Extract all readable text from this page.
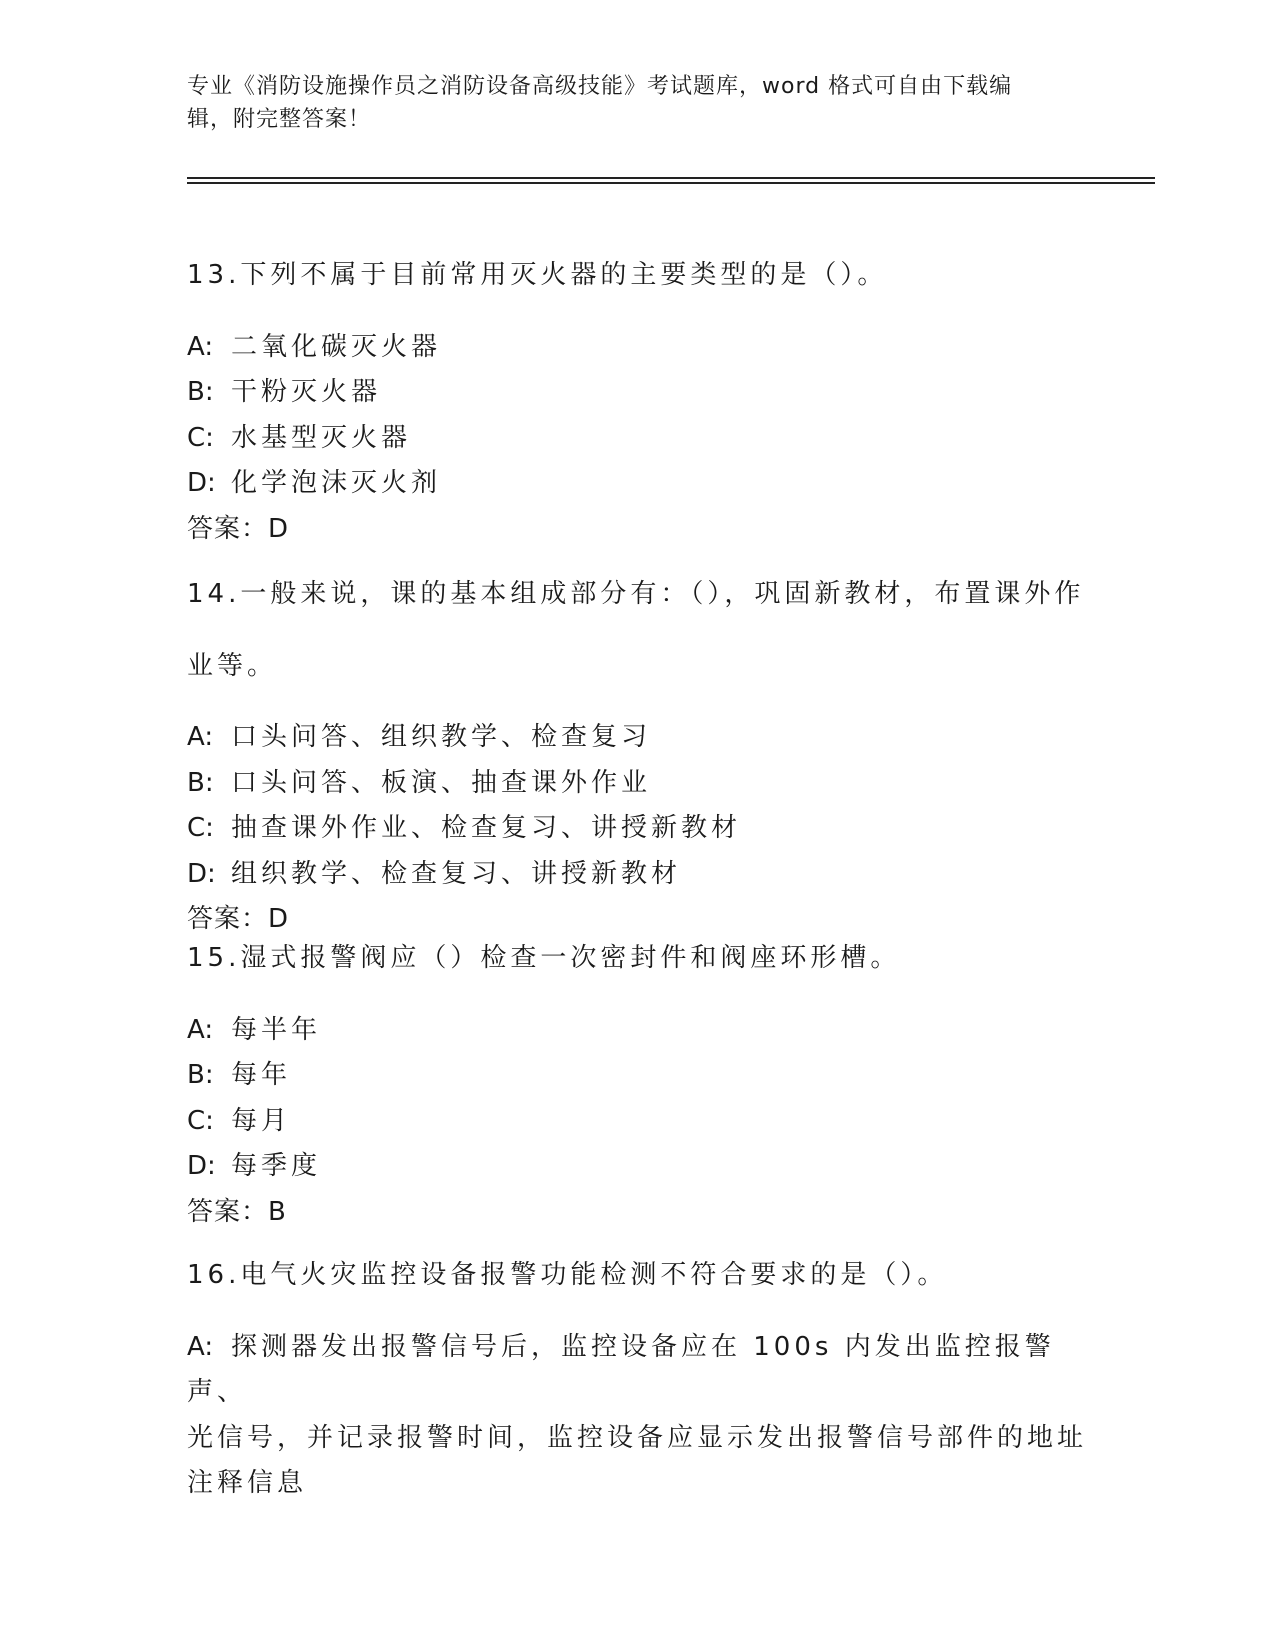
专业《消防设施操作员之消防设备高级技能》考试题库，word 格式可自由下载编
辑，附完整答案！

13.下列不属于目前常用灭火器的主要类型的是（）。

A: 二氧化碳灭火器

B: 干粉灭火器

C: 水基型灭火器

D: 化学泡沫灭火剂

答案：D

14.一般来说，课的基本组成部分有：（），巩固新教材，布置课外作

业等。

A: 口头问答、组织教学、检查复习

B: 口头问答、板演、抽查课外作业

C: 抽查课外作业、检查复习、讲授新教材

D: 组织教学、检查复习、讲授新教材

答案：D

15.湿式报警阀应（）检查一次密封件和阀座环形槽。

A: 每半年

B: 每年

C: 每月

D: 每季度

答案：B

16.电气火灾监控设备报警功能检测不符合要求的是（）。

A: 探测器发出报警信号后，监控设备应在 100s 内发出监控报警声、

光信号，并记录报警时间，监控设备应显示发出报警信号部件的地址

注释信息
